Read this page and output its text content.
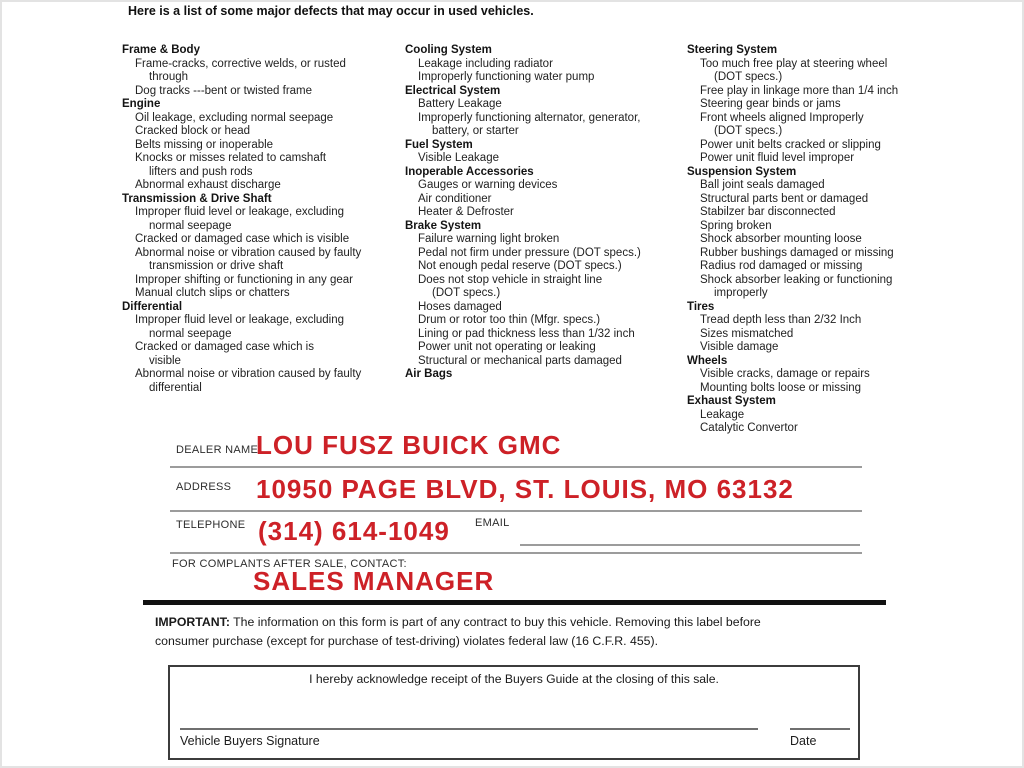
Here is a list of some major defects that may occur in used vehicles.
Frame & Body
Frame-cracks, corrective welds, or rusted
through
Dog tracks ---bent or twisted frame
Engine
Oil leakage, excluding normal seepage
Cracked block or head
Belts missing or inoperable
Knocks or misses related to camshaft
lifters and push rods
Abnormal exhaust discharge
Transmission & Drive Shaft
Improper fluid level or leakage, excluding
normal seepage
Cracked or damaged case which is visible
Abnormal noise or vibration caused by faulty
transmission or drive shaft
Improper shifting or functioning in any gear
Manual clutch slips or chatters
Differential
Improper fluid level or leakage, excluding
normal seepage
Cracked or damaged case which is
visible
Abnormal noise or vibration caused by faulty
differential
Cooling System
Leakage including radiator
Improperly functioning water pump
Electrical System
Battery Leakage
Improperly functioning alternator, generator,
battery, or starter
Fuel System
Visible Leakage
Inoperable Accessories
Gauges or warning devices
Air conditioner
Heater & Defroster
Brake System
Failure warning light broken
Pedal not firm under pressure (DOT specs.)
Not enough pedal reserve (DOT specs.)
Does not stop vehicle in straight line
(DOT specs.)
Hoses damaged
Drum or rotor too thin (Mfgr. specs.)
Lining or pad thickness less than 1/32 inch
Power unit not operating or leaking
Structural or mechanical parts damaged
Air Bags
Steering System
Too much free play at steering wheel
(DOT specs.)
Free play in linkage more than 1/4 inch
Steering gear binds or jams
Front wheels aligned Improperly
(DOT specs.)
Power unit belts cracked or slipping
Power unit fluid level improper
Suspension System
Ball joint seals damaged
Structural parts bent or damaged
Stabilzer bar disconnected
Spring broken
Shock absorber mounting loose
Rubber bushings damaged or missing
Radius rod damaged or missing
Shock absorber leaking or functioning
improperly
Tires
Tread depth less than 2/32 Inch
Sizes mismatched
Visible damage
Wheels
Visible cracks, damage or repairs
Mounting bolts loose or missing
Exhaust System
Leakage
Catalytic Convertor
DEALER NAME
LOU FUSZ BUICK GMC
ADDRESS 10950 PAGE BLVD, ST. LOUIS, MO 63132
TELEPHONE (314) 614-1049 EMAIL
FOR COMPLANTS AFTER SALE, CONTACT:
SALES MANAGER
IMPORTANT: The information on this form is part of any contract to buy this vehicle. Removing this label before consumer purchase (except for purchase of test-driving) violates federal law (16 C.F.R. 455).
I hereby acknowledge receipt of the Buyers Guide at the closing of this sale.
Vehicle Buyers Signature	Date
